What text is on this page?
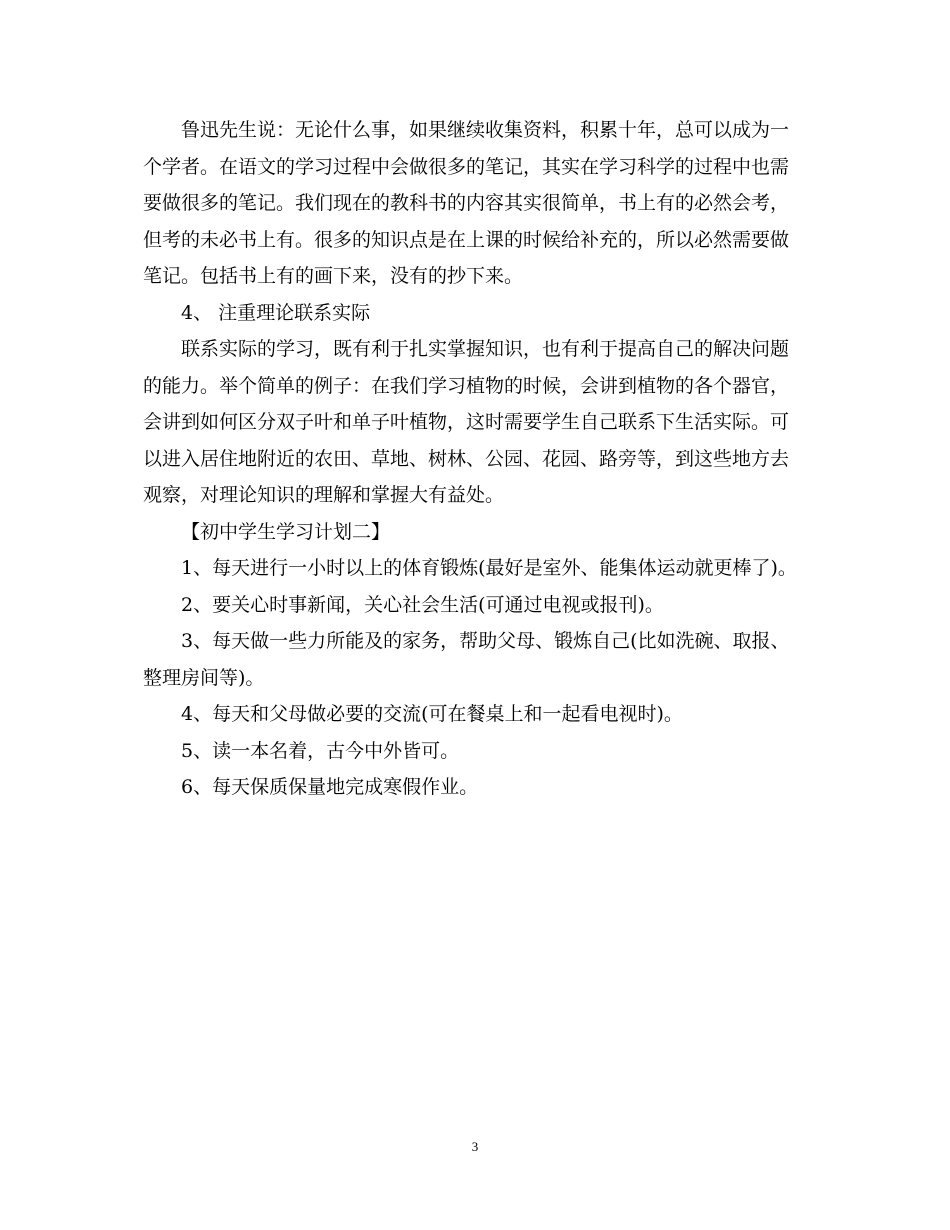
鲁迅先生说：无论什么事，如果继续收集资料，积累十年，总可以成为一个学者。在语文的学习过程中会做很多的笔记，其实在学习科学的过程中也需要做很多的笔记。我们现在的教科书的内容其实很简单，书上有的必然会考，但考的未必书上有。很多的知识点是在上课的时候给补充的，所以必然需要做笔记。包括书上有的画下来，没有的抄下来。

4、 注重理论联系实际

联系实际的学习，既有利于扎实掌握知识，也有利于提高自己的解决问题的能力。举个简单的例子：在我们学习植物的时候，会讲到植物的各个器官，会讲到如何区分双子叶和单子叶植物，这时需要学生自己联系下生活实际。可以进入居住地附近的农田、草地、树林、公园、花园、路旁等，到这些地方去观察，对理论知识的理解和掌握大有益处。

【初中学生学习计划二】

1、每天进行一小时以上的体育锻炼(最好是室外、能集体运动就更棒了)。

2、要关心时事新闻，关心社会生活(可通过电视或报刊)。

3、每天做一些力所能及的家务，帮助父母、锻炼自己(比如洗碗、取报、整理房间等)。

4、每天和父母做必要的交流(可在餐桌上和一起看电视时)。

5、读一本名着，古今中外皆可。

6、每天保质保量地完成寒假作业。

3
